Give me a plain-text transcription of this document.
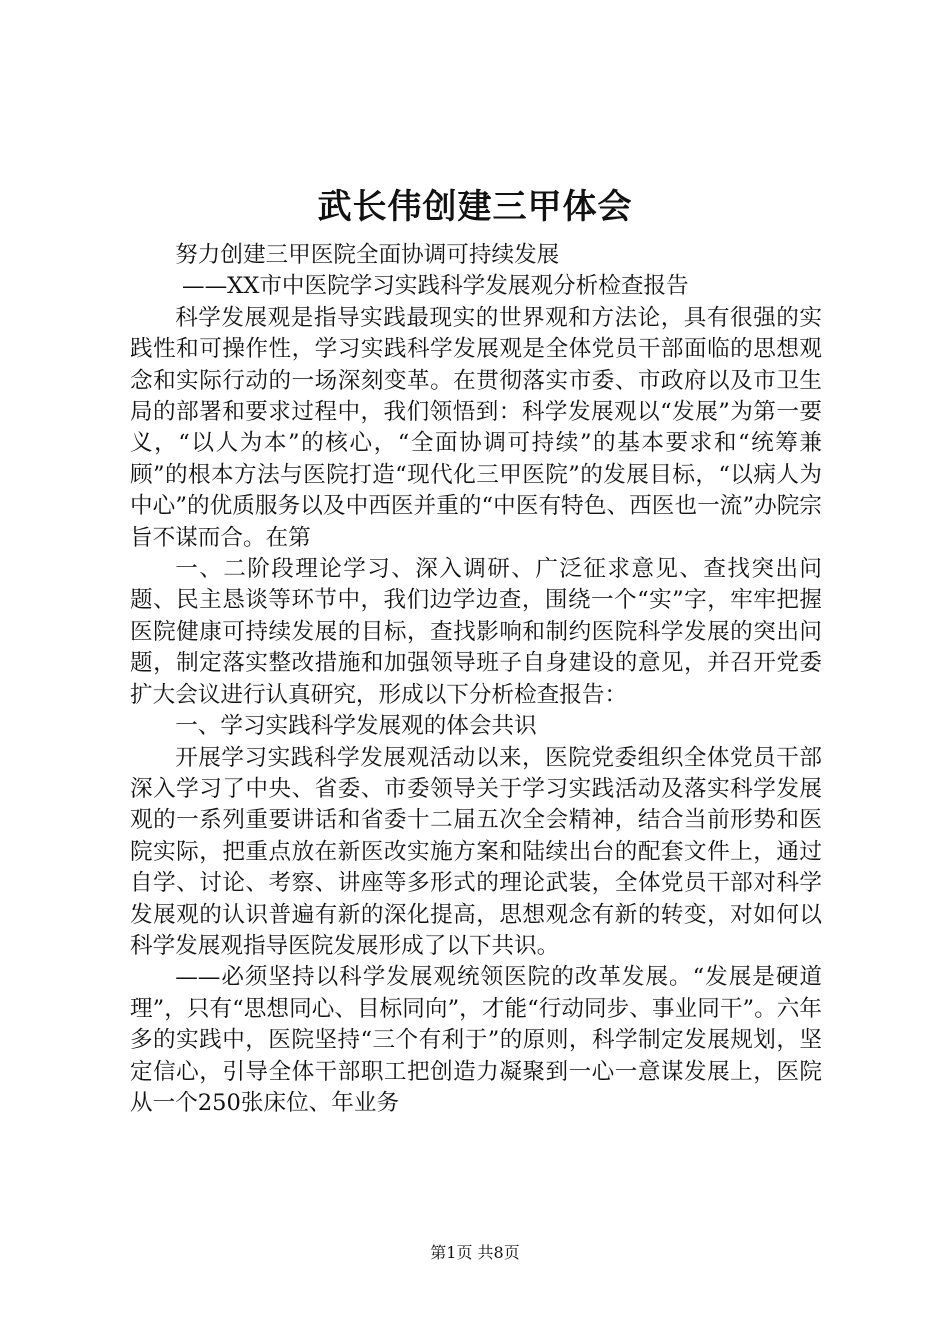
武长伟创建三甲体会

努力创建三甲医院全面协调可持续发展

——XX市中医院学习实践科学发展观分析检查报告

科学发展观是指导实践最现实的世界观和方法论，具有很强的实践性和可操作性，学习实践科学发展观是全体党员干部面临的思想观念和实际行动的一场深刻变革。在贯彻落实市委、市政府以及市卫生局的部署和要求过程中，我们领悟到：科学发展观以“发展”为第一要义，“以人为本”的核心，“全面协调可持续”的基本要求和“统筹兼顾”的根本方法与医院打造“现代化三甲医院”的发展目标，“以病人为中心”的优质服务以及中西医并重的“中医有特色、西医也一流”办院宗旨不谋而合。在第

一、二阶段理论学习、深入调研、广泛征求意见、查找突出问题、民主恳谈等环节中，我们边学边查，围绕一个“实”字，牢牢把握医院健康可持续发展的目标，查找影响和制约医院科学发展的突出问题，制定落实整改措施和加强领导班子自身建设的意见，并召开党委扩大会议进行认真研究，形成以下分析检查报告：

一、学习实践科学发展观的体会共识

开展学习实践科学发展观活动以来，医院党委组织全体党员干部深入学习了中央、省委、市委领导关于学习实践活动及落实科学发展观的一系列重要讲话和省委十二届五次全会精神，结合当前形势和医院实际，把重点放在新医改实施方案和陆续出台的配套文件上，通过自学、讨论、考察、讲座等多形式的理论武装，全体党员干部对科学发展观的认识普遍有新的深化提高，思想观念有新的转变，对如何以科学发展观指导医院发展形成了以下共识。

——必须坚持以科学发展观统领医院的改革发展。“发展是硬道理”，只有“思想同心、目标同向”，才能“行动同步、事业同干”。六年多的实践中，医院坚持“三个有利于”的原则，科学制定发展规划，坚定信心，引导全体干部职工把创造力凝聚到一心一意谋发展上，医院从一个250张床位、年业务

第1页 共8页
